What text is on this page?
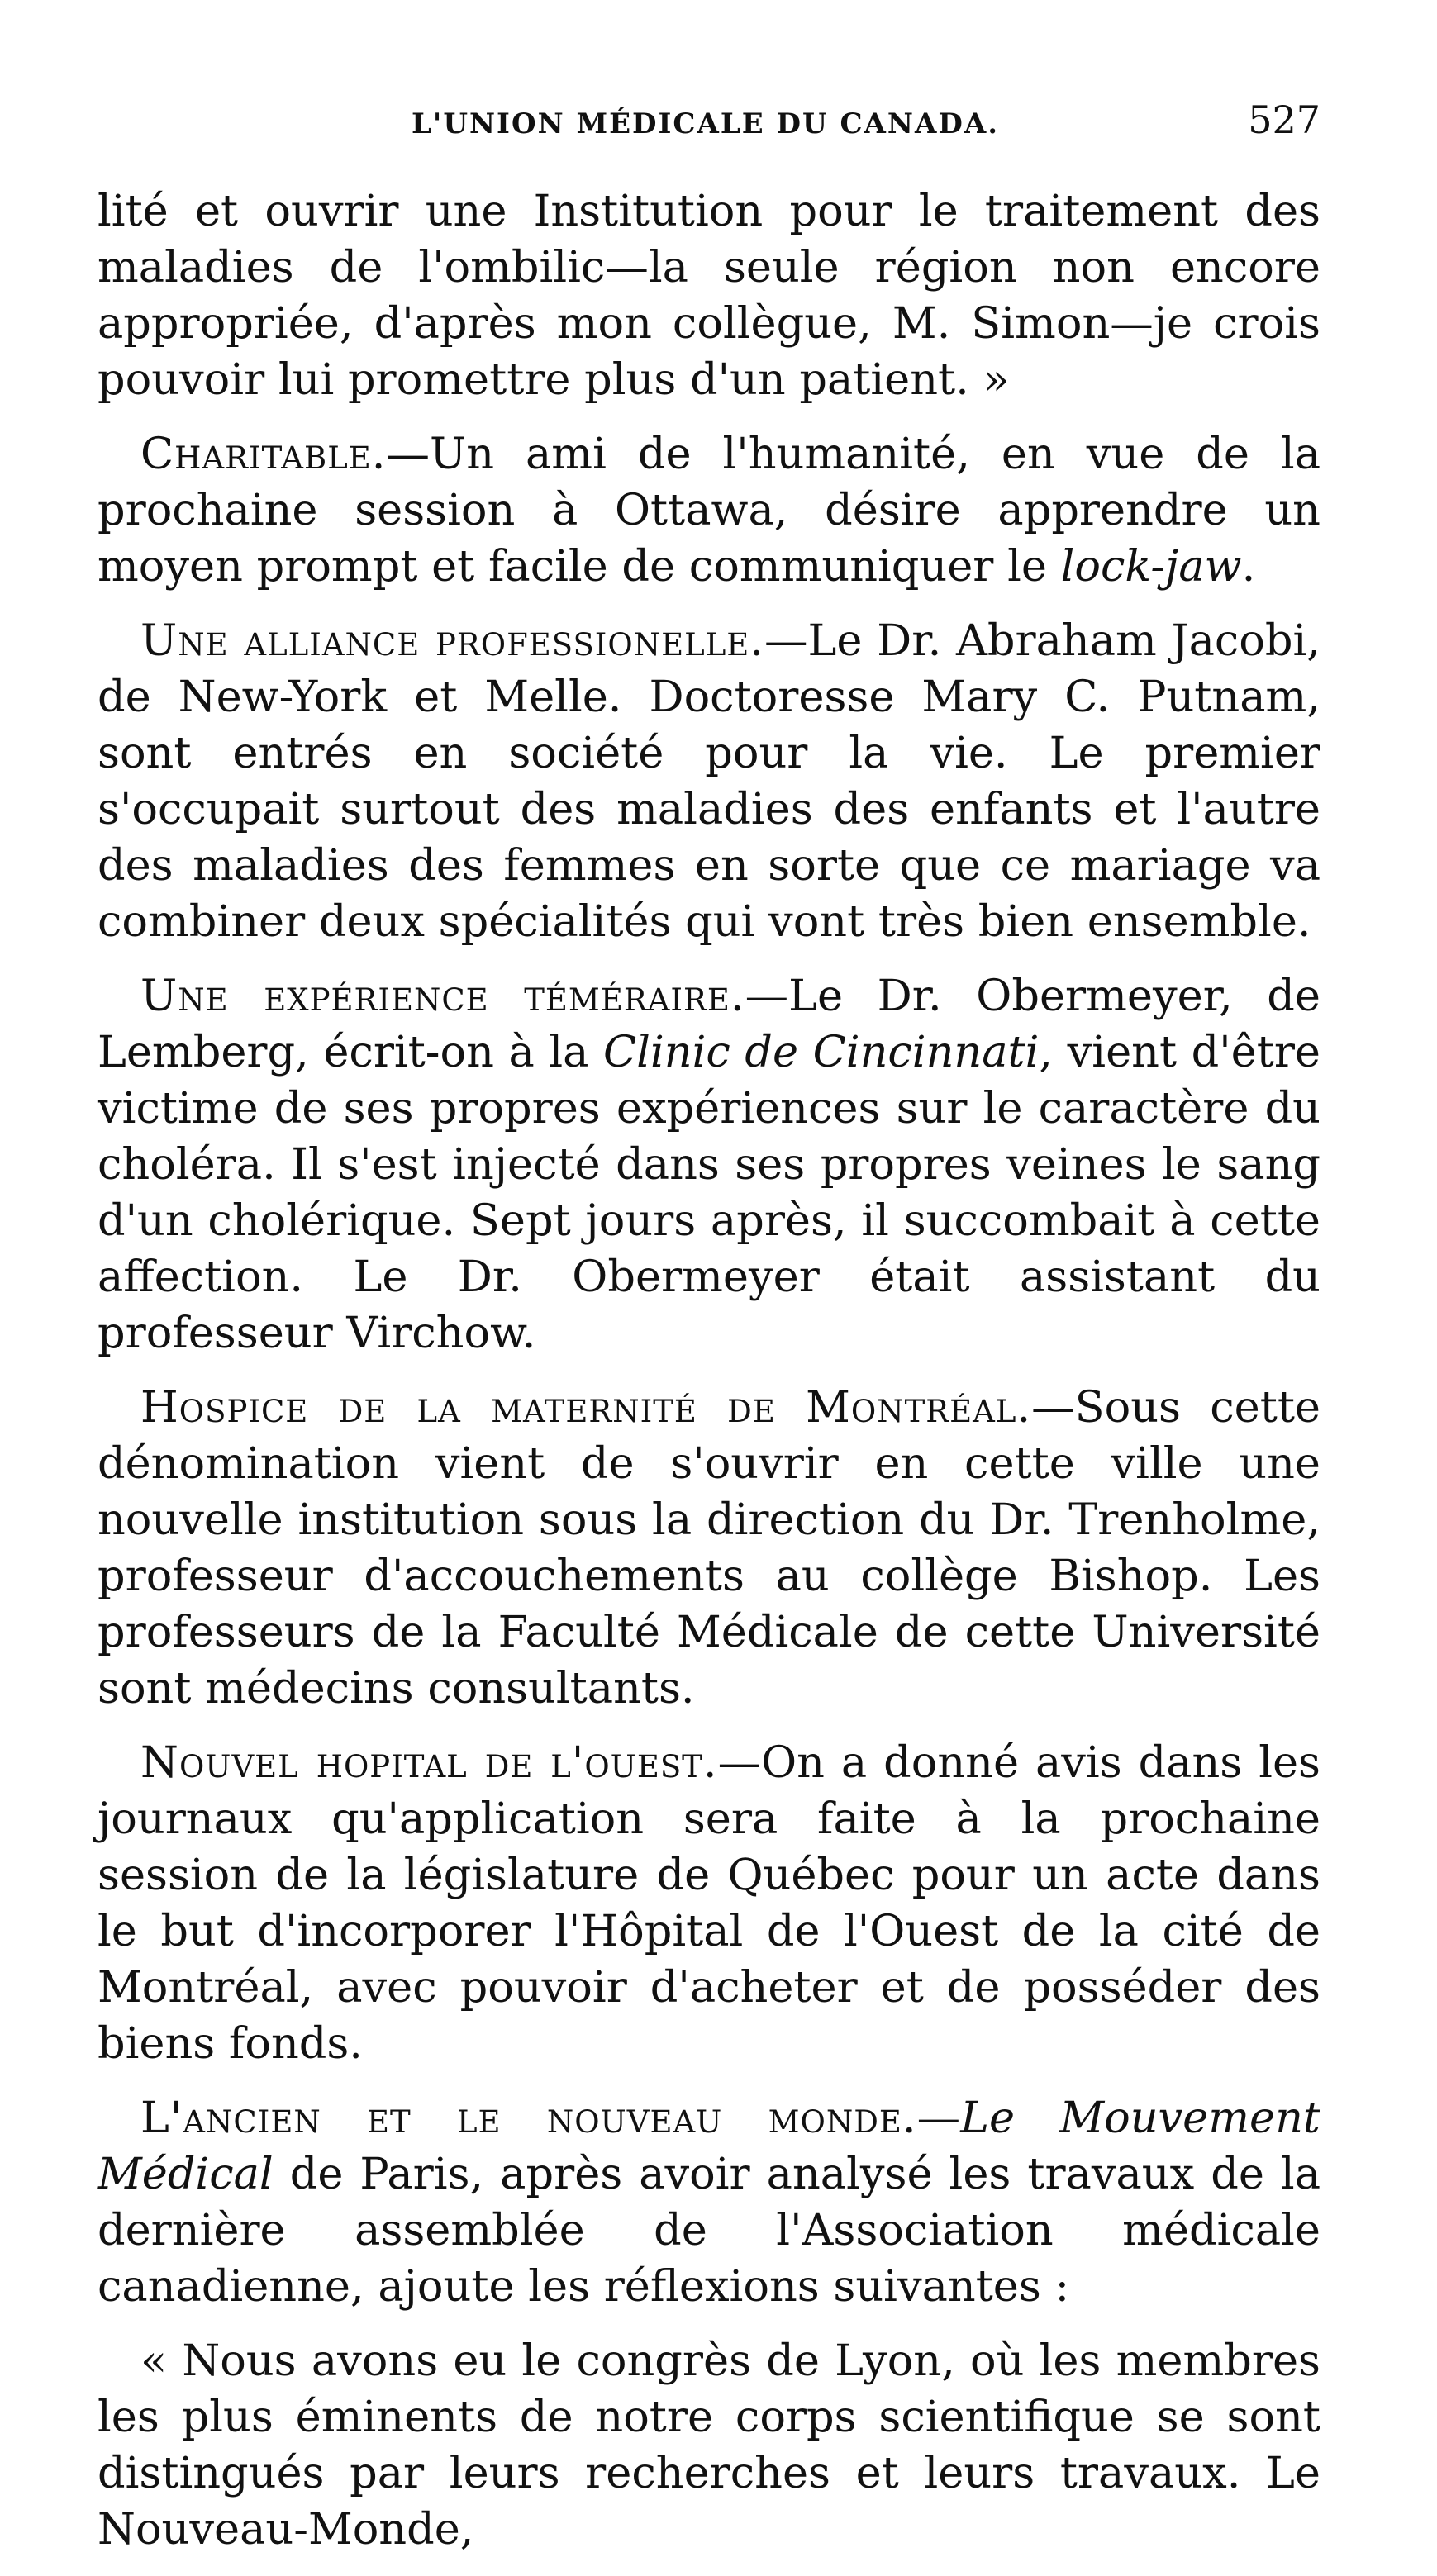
L'UNION MÉDICALE DU CANADA.	527

lité et ouvrir une Institution pour le traitement des maladies de l'ombilic—la seule région non encore appropriée, d'après mon collègue, M. Simon—je crois pouvoir lui promettre plus d'un patient. »

Charitable.—Un ami de l'humanité, en vue de la prochaine session à Ottawa, désire apprendre un moyen prompt et facile de communiquer le lock-jaw.

Une alliance professionelle.—Le Dr. Abraham Jacobi, de New-York et Melle. Doctoresse Mary C. Putnam, sont entrés en société pour la vie. Le premier s'occupait surtout des maladies des enfants et l'autre des maladies des femmes en sorte que ce mariage va combiner deux spécialités qui vont très bien ensemble.

Une expérience téméraire.—Le Dr. Obermeyer, de Lemberg, écrit-on à la Clinic de Cincinnati, vient d'être victime de ses propres expériences sur le caractère du choléra. Il s'est injecté dans ses propres veines le sang d'un cholérique. Sept jours après, il succombait à cette affection. Le Dr. Obermeyer était assistant du professeur Virchow.

Hospice de la maternité de Montréal.—Sous cette dénomination vient de s'ouvrir en cette ville une nouvelle institution sous la direction du Dr. Trenholme, professeur d'accouchements au collège Bishop. Les professeurs de la Faculté Médicale de cette Université sont médecins consultants.

Nouvel hopital de l'ouest.—On a donné avis dans les journaux qu'application sera faite à la prochaine session de la législature de Québec pour un acte dans le but d'incorporer l'Hôpital de l'Ouest de la cité de Montréal, avec pouvoir d'acheter et de posséder des biens fonds.

L'ancien et le nouveau monde.—Le Mouvement Médical de Paris, après avoir analysé les travaux de la dernière assemblée de l'Association médicale canadienne, ajoute les réflexions suivantes :

« Nous avons eu le congrès de Lyon, où les membres les plus éminents de notre corps scientifique se sont distingués par leurs recherches et leurs travaux. Le Nouveau-Monde,
